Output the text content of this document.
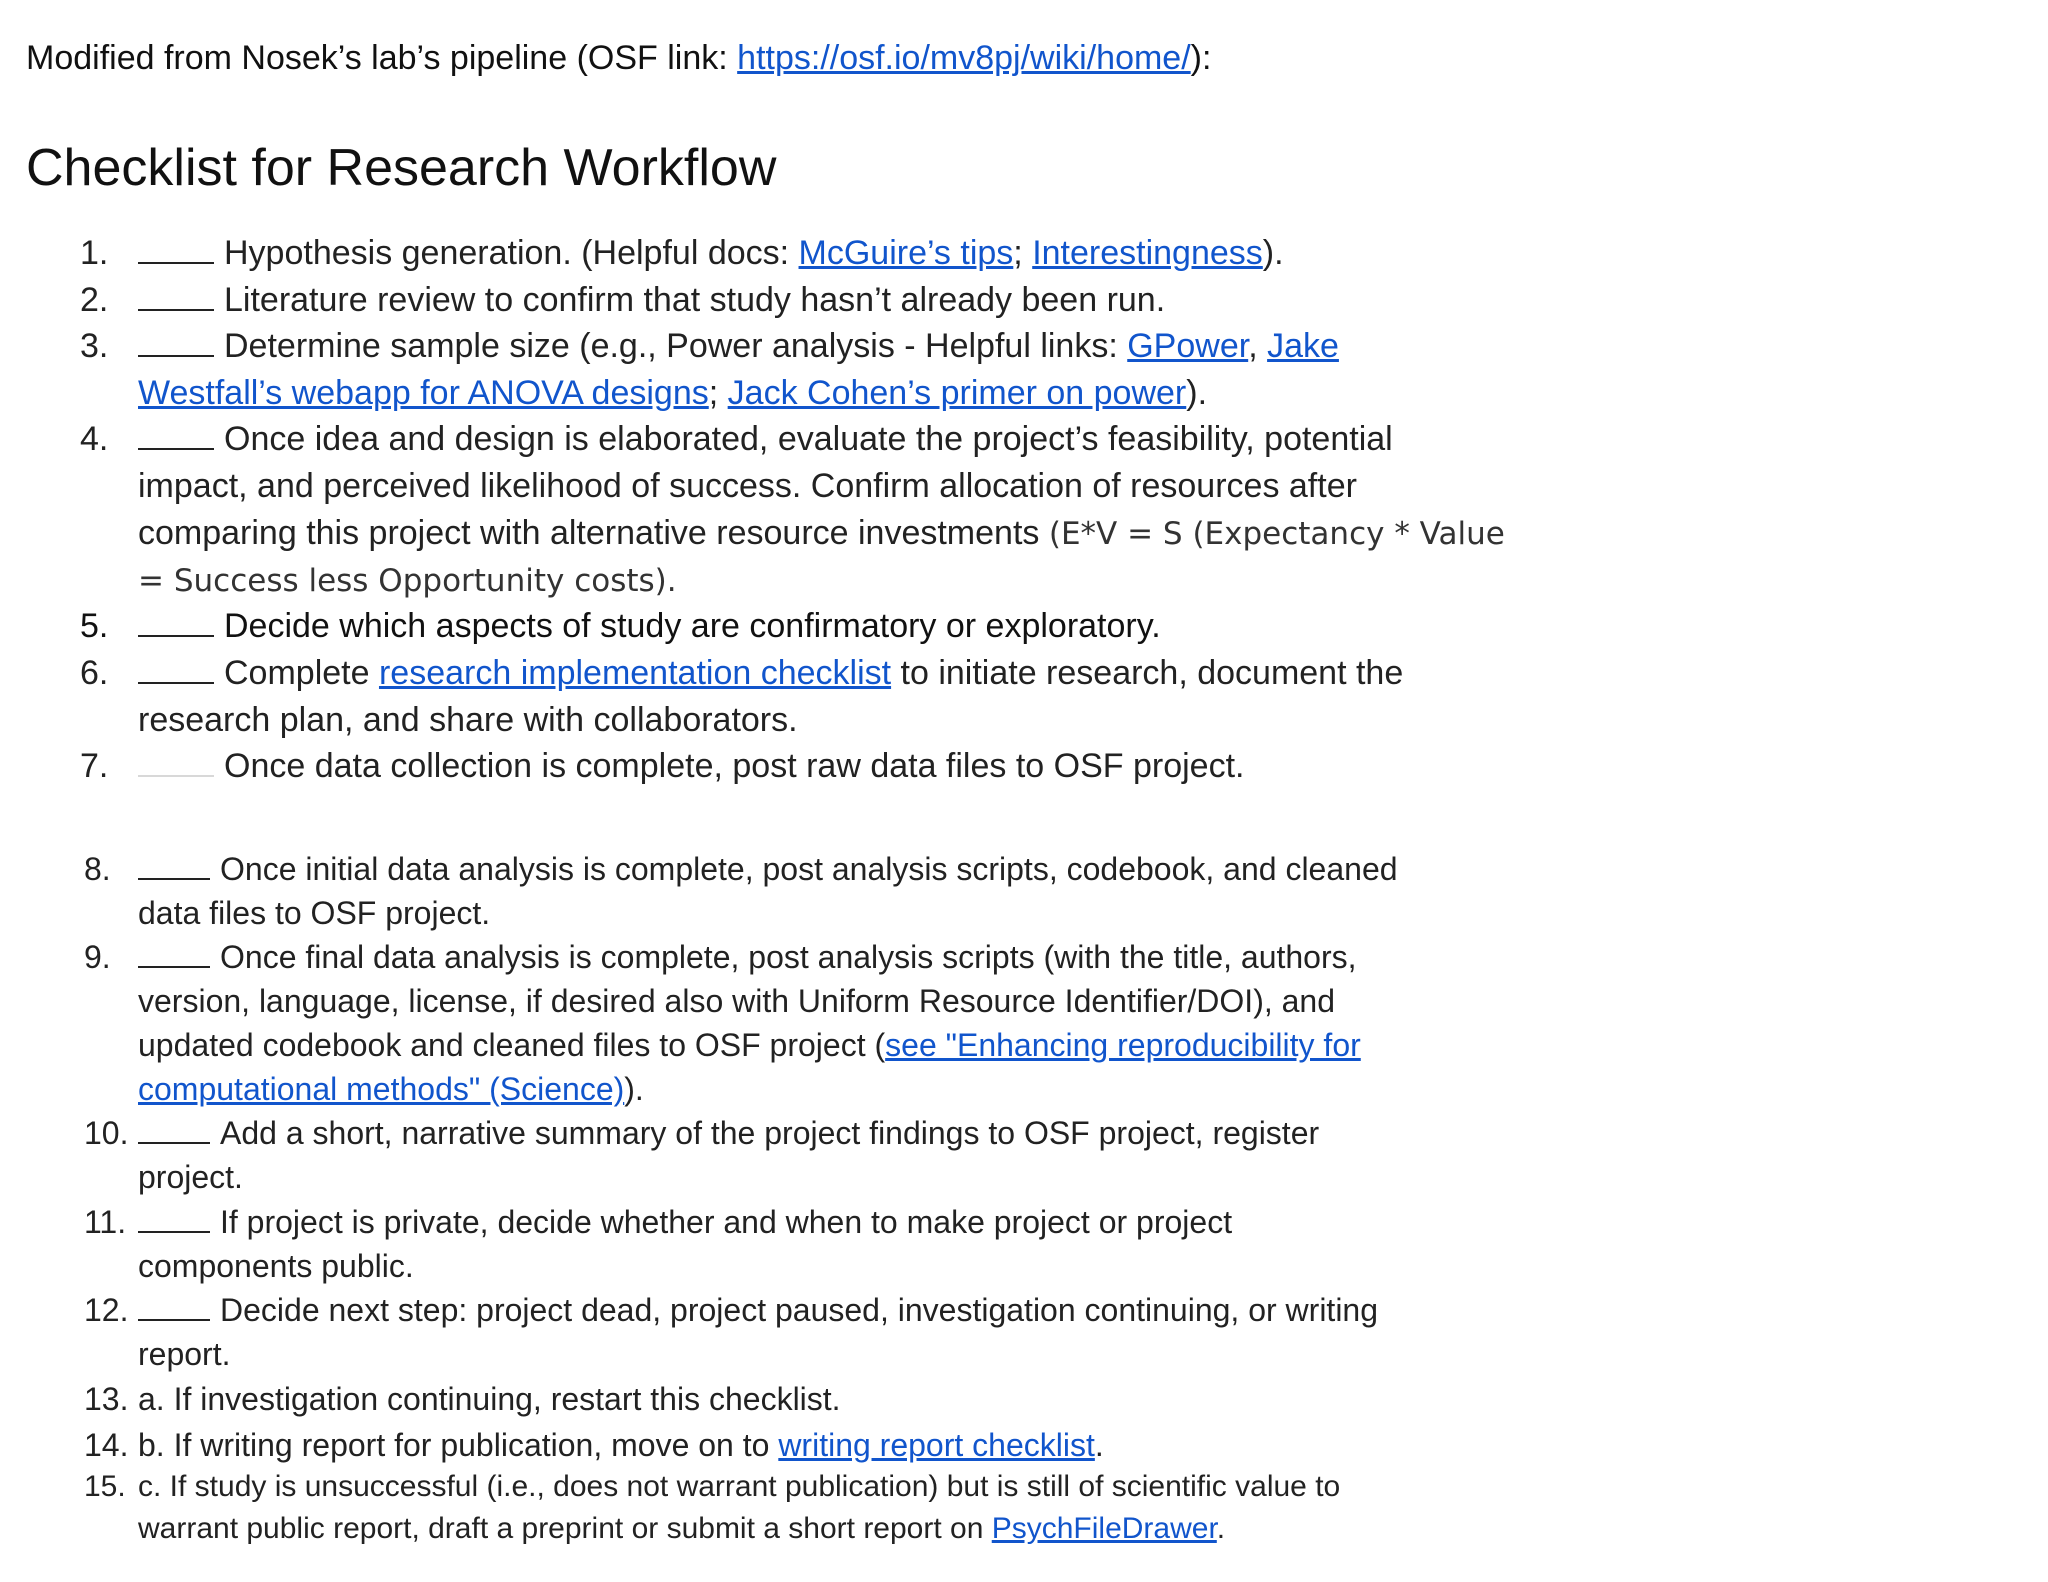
Modified from Nosek’s lab’s pipeline (OSF link: https://osf.io/mv8pj/wiki/home/):
Checklist for Research Workflow
1.	Hypothesis generation. (Helpful docs: McGuire’s tips; Interestingness).
2.	Literature review to confirm that study hasn’t already been run.
3.	Determine sample size (e.g., Power analysis - Helpful links: GPower, Jake
Westfall’s webapp for ANOVA designs; Jack Cohen’s primer on power).
4.	Once idea and design is elaborated, evaluate the project’s feasibility, potential
impact, and perceived likelihood of success. Confirm allocation of resources after
comparing this project with alternative resource investments (E*V = S (Expectancy * Value
= Success less Opportunity costs).
5.	Decide which aspects of study are confirmatory or exploratory.
6.	Complete research implementation checklist to initiate research, document the
research plan, and share with collaborators.
7.	Once data collection is complete, post raw data files to OSF project.
8.	Once initial data analysis is complete, post analysis scripts, codebook, and cleaned
data files to OSF project.
9.	Once final data analysis is complete, post analysis scripts (with the title, authors,
version, language, license, if desired also with Uniform Resource Identifier/DOI), and
updated codebook and cleaned files to OSF project (see "Enhancing reproducibility for
computational methods" (Science)).
10.	Add a short, narrative summary of the project findings to OSF project, register
project.
11.	If project is private, decide whether and when to make project or project
components public.
12.	Decide next step: project dead, project paused, investigation continuing, or writing
report.
13. a. If investigation continuing, restart this checklist.
14. b. If writing report for publication, move on to writing report checklist.
15. c. If study is unsuccessful (i.e., does not warrant publication) but is still of scientific value to
warrant public report, draft a preprint or submit a short report on PsychFileDrawer.
